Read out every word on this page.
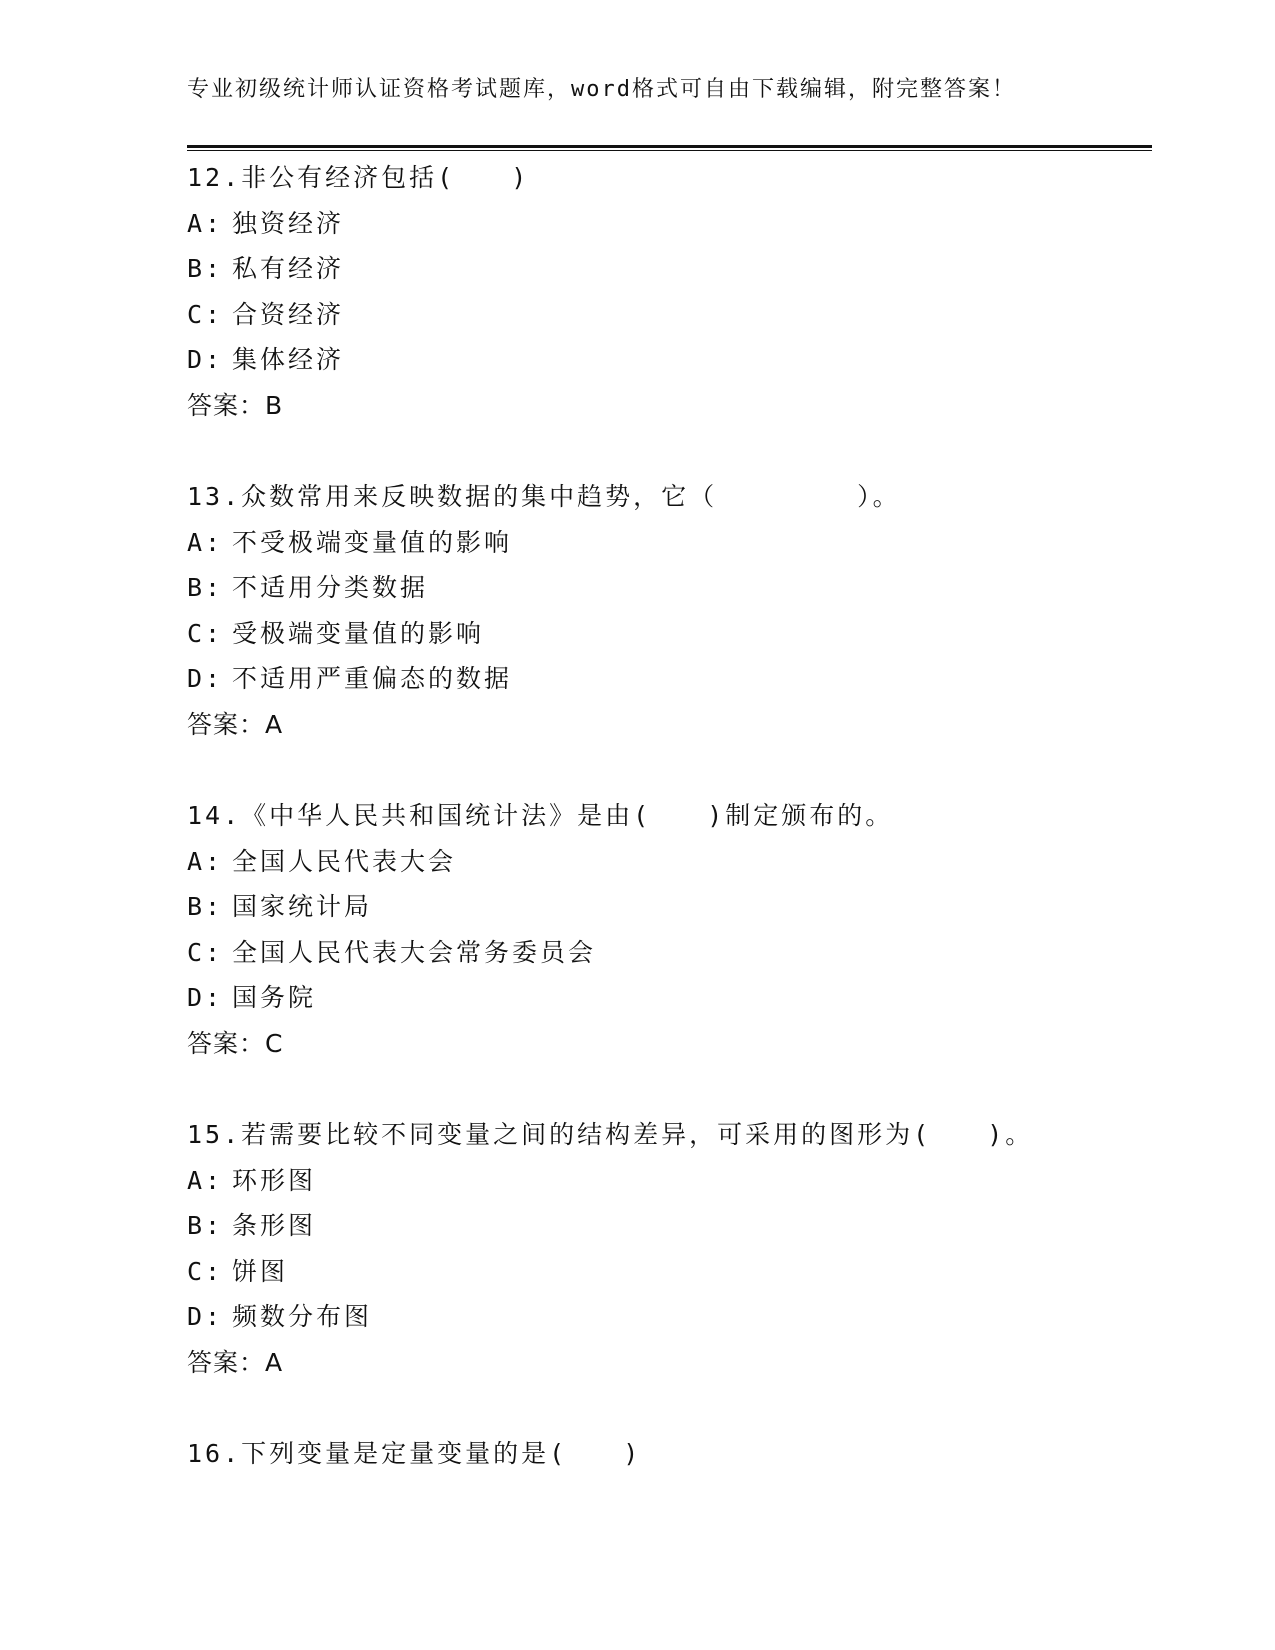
专业初级统计师认证资格考试题库，word格式可自由下载编辑，附完整答案！
12.非公有经济包括(　　)
A: 独资经济
B: 私有经济
C: 合资经济
D: 集体经济
答案：B
13.众数常用来反映数据的集中趋势，它（　　　　　）。
A: 不受极端变量值的影响
B: 不适用分类数据
C: 受极端变量值的影响
D: 不适用严重偏态的数据
答案：A
14.《中华人民共和国统计法》是由(　　)制定颁布的。
A: 全国人民代表大会
B: 国家统计局
C: 全国人民代表大会常务委员会
D: 国务院
答案：C
15.若需要比较不同变量之间的结构差异，可采用的图形为(　　)。
A: 环形图
B: 条形图
C: 饼图
D: 频数分布图
答案：A
16.下列变量是定量变量的是(　　)
